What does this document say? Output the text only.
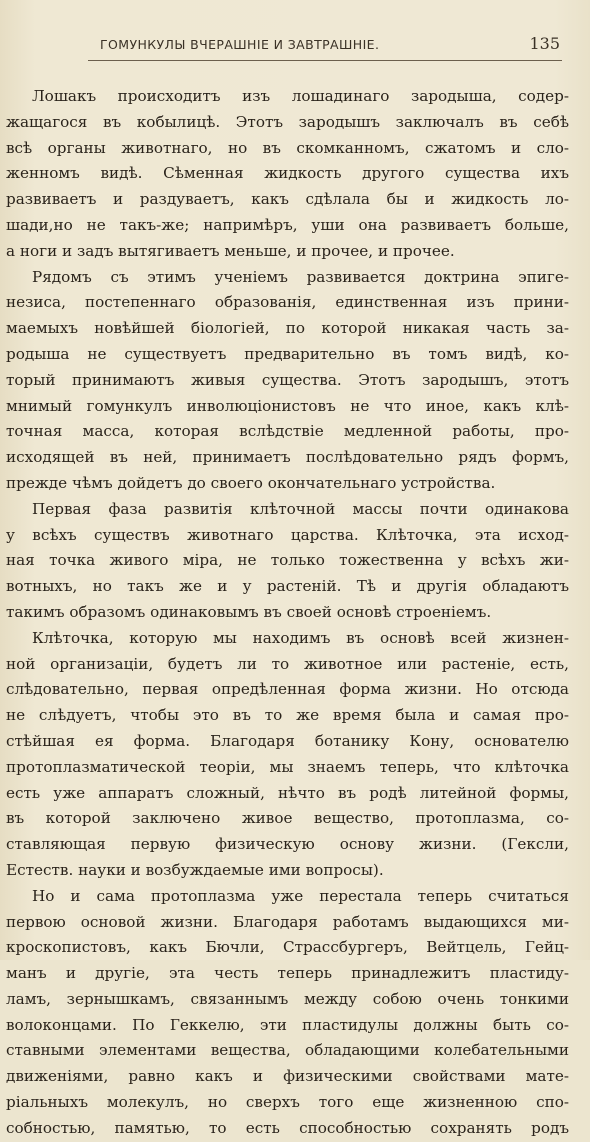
ГОМУНКУЛЫ ВЧЕРАШНІЕ И ЗАВТРАШНІЕ.	135
Лошакъ происходитъ изъ лошадинаго зародыша, содер-
жащагося въ кобылицѣ. Этотъ зародышъ заключалъ въ себѣ
всѣ органы животнаго, но въ скомканномъ, сжатомъ и сло-
женномъ видѣ. Сѣменная жидкость другого существа ихъ
развиваетъ и раздуваетъ, какъ сдѣлала бы и жидкость ло-
шади,но не такъ-же; напримѣръ, уши она развиваетъ больше,
а ноги и задъ вытягиваетъ меньше, и прочее, и прочее.
Рядомъ съ этимъ ученіемъ развивается доктрина эпиге-
незиса, постепеннаго образованія, единственная изъ прини-
маемыхъ новѣйшей біологіей, по которой никакая часть за-
родыша не существуетъ предварительно въ томъ видѣ, ко-
торый принимаютъ живыя существа. Этотъ зародышъ, этотъ
мнимый гомункулъ инволюціонистовъ не что иное, какъ клѣ-
точная масса, которая вслѣдствіе медленной работы, про-
исходящей въ ней, принимаетъ послѣдовательно рядъ формъ,
прежде чѣмъ дойдетъ до своего окончательнаго устройства.
Первая фаза развитія клѣточной массы почти одинакова
у всѣхъ существъ животнаго царства. Клѣточка, эта исход-
ная точка живого міра, не только тожественна у всѣхъ жи-
вотныхъ, но такъ же и у растеній. Тѣ и другія обладаютъ
такимъ образомъ одинаковымъ въ своей основѣ строеніемъ.
Клѣточка, которую мы находимъ въ основѣ всей жизнен-
ной организаціи, будетъ ли то животное или растеніе, есть,
слѣдовательно, первая опредѣленная форма жизни. Но отсюда
не слѣдуетъ, чтобы это въ то же время была и самая про-
стѣйшая ея форма. Благодаря ботанику Кону, основателю
протоплазматической теоріи, мы знаемъ теперь, что клѣточка
есть уже аппаратъ сложный, нѣчто въ родѣ литейной формы,
въ которой заключено живое вещество, протоплазма, со-
ставляющая первую физическую основу жизни. (Гексли,
Естеств. науки и возбуждаемые ими вопросы).
Но и сама протоплазма уже перестала теперь считаться
первою основой жизни. Благодаря работамъ выдающихся ми-
кроскопистовъ, какъ Бючли, Страссбургеръ, Вейтцель, Гейц-
манъ и другіе, эта честь теперь принадлежитъ пластиду-
ламъ, зернышкамъ, связаннымъ между собою очень тонкими
волоконцами. По Геккелю, эти пластидулы должны быть со-
ставными элементами вещества, обладающими колебательными
движеніями, равно какъ и физическими свойствами мате-
ріальныхъ молекулъ, но сверхъ того еще жизненною спо-
собностью, памятью, то есть способностью сохранять родъ
